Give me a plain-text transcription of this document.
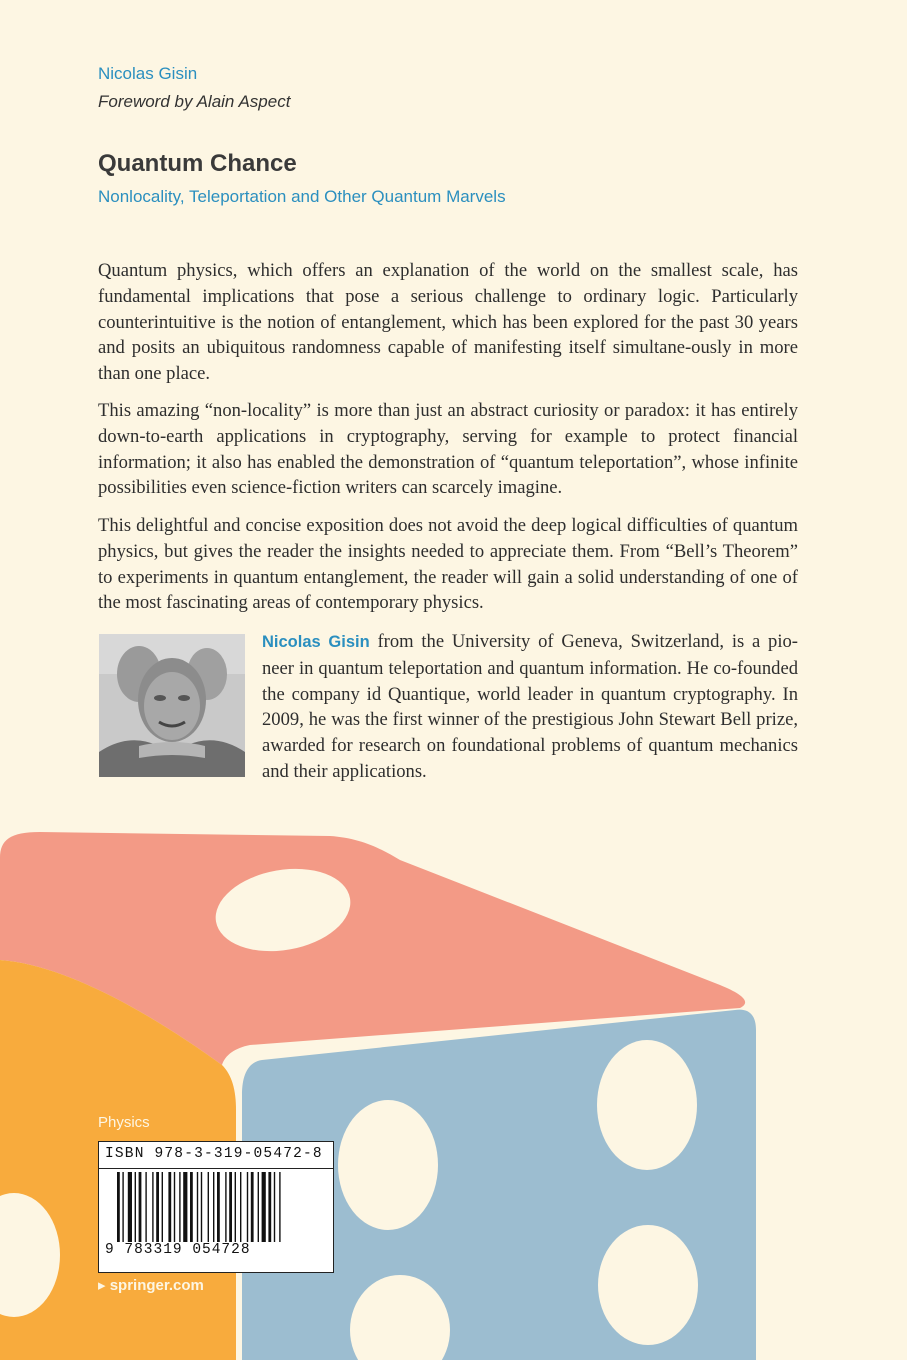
Nicolas Gisin
Foreword by Alain Aspect
Quantum Chance
Nonlocality, Teleportation and Other Quantum Marvels

Quantum physics, which offers an explanation of the world on the smallest scale, has fundamental implications that pose a serious challenge to ordinary logic. Particularly counterintuitive is the notion of entanglement, which has been explored for the past 30 years and posits an ubiquitous randomness capable of manifesting itself simultane-ously in more than one place.

This amazing “non-locality” is more than just an abstract curiosity or paradox: it has entirely down-to-earth applications in cryptography, serving for example to protect financial information; it also has enabled the demonstration of “quantum teleportation”, whose infinite possibilities even science-fiction writers can scarcely imagine.

This delightful and concise exposition does not avoid the deep logical difficulties of quantum physics, but gives the reader the insights needed to appreciate them. From “Bell’s Theorem” to experiments in quantum entanglement, the reader will gain a solid understanding of one of the most fascinating areas of contemporary physics.

Nicolas Gisin from the University of Geneva, Switzerland, is a pio-neer in quantum teleportation and quantum information. He co-founded the company id Quantique, world leader in quantum cryptography. In 2009, he was the first winner of the prestigious John Stewart Bell prize, awarded for research on foundational problems of quantum mechanics and their applications.

Physics
ISBN 978-3-319-05472-8
9 783319 054728
▸ springer.com
